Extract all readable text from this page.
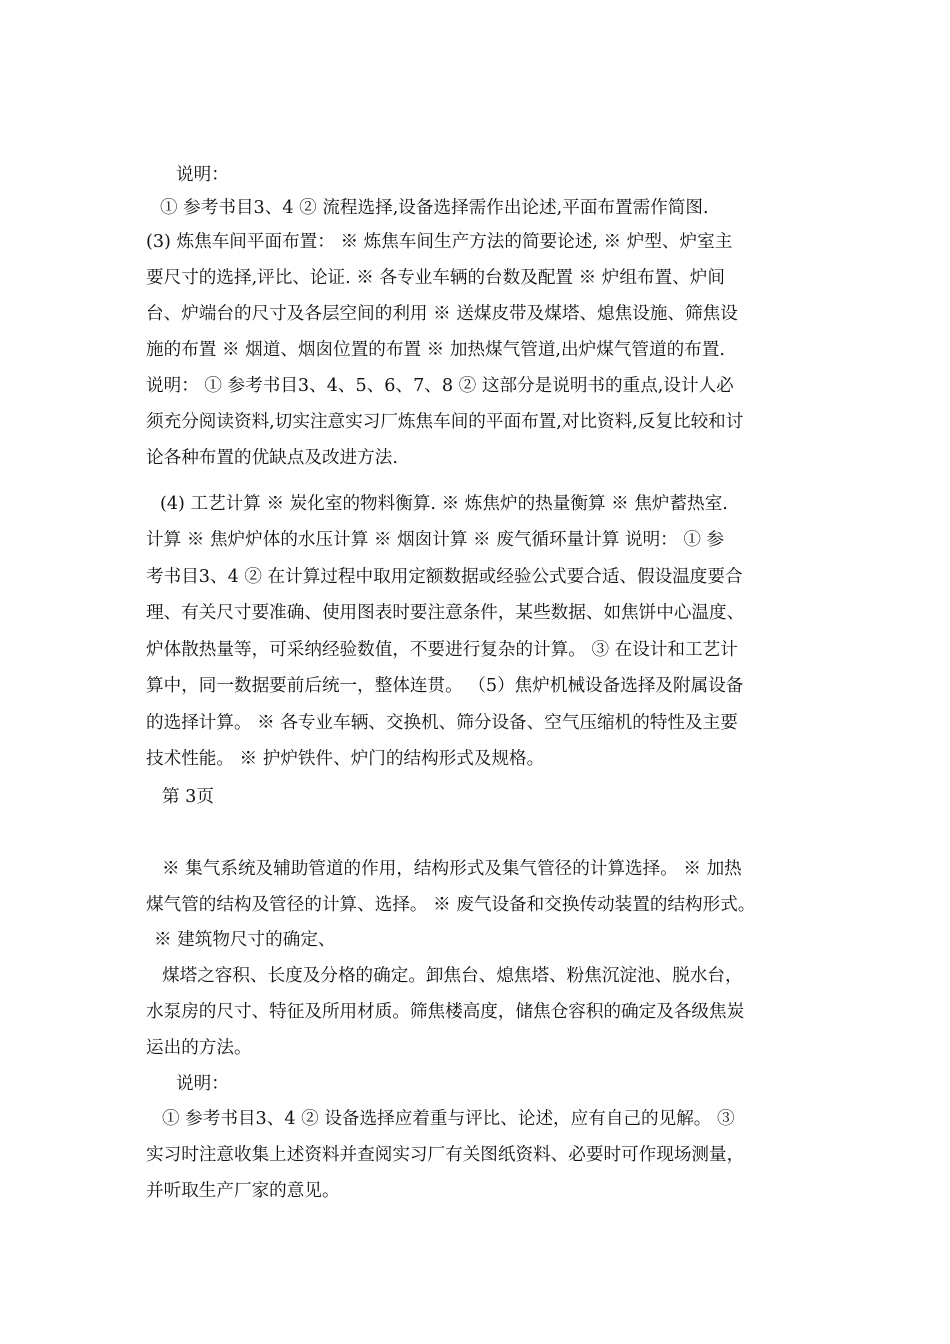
说明：
① 参考书目3、4 ② 流程选择,设备选择需作出论述,平面布置需作简图.
(3) 炼焦车间平面布置： ※ 炼焦车间生产方法的简要论述, ※ 炉型、炉室主
要尺寸的选择,评比、论证. ※ 各专业车辆的台数及配置 ※ 炉组布置、炉间
台、炉端台的尺寸及各层空间的利用 ※ 送煤皮带及煤塔、熄焦设施、筛焦设
施的布置 ※ 烟道、烟囱位置的布置 ※ 加热煤气管道,出炉煤气管道的布置.
说明： ① 参考书目3、4、5、6、7、8 ② 这部分是说明书的重点,设计人必
须充分阅读资料,切实注意实习厂炼焦车间的平面布置,对比资料,反复比较和讨
论各种布置的优缺点及改进方法.
(4) 工艺计算 ※ 炭化室的物料衡算. ※ 炼焦炉的热量衡算 ※ 焦炉蓄热室.
计算 ※ 焦炉炉体的水压计算 ※ 烟囱计算 ※ 废气循环量计算 说明： ① 参
考书目3、4 ② 在计算过程中取用定额数据或经验公式要合适、假设温度要合
理、有关尺寸要准确、使用图表时要注意条件，某些数据、如焦饼中心温度、
炉体散热量等，可采纳经验数值，不要进行复杂的计算。 ③ 在设计和工艺计
算中，同一数据要前后统一，整体连贯。 （5）焦炉机械设备选择及附属设备
的选择计算。 ※ 各专业车辆、交换机、筛分设备、空气压缩机的特性及主要
技术性能。 ※ 护炉铁件、炉门的结构形式及规格。
第 3页
※ 集气系统及辅助管道的作用，结构形式及集气管径的计算选择。 ※ 加热
煤气管的结构及管径的计算、选择。 ※ 废气设备和交换传动装置的结构形式。
※ 建筑物尺寸的确定、
煤塔之容积、长度及分格的确定。卸焦台、熄焦塔、粉焦沉淀池、脱水台，
水泵房的尺寸、特征及所用材质。筛焦楼高度，储焦仓容积的确定及各级焦炭
运出的方法。
说明：
① 参考书目3、4 ② 设备选择应着重与评比、论述，应有自己的见解。 ③
实习时注意收集上述资料并查阅实习厂有关图纸资料、必要时可作现场测量，
并听取生产厂家的意见。
